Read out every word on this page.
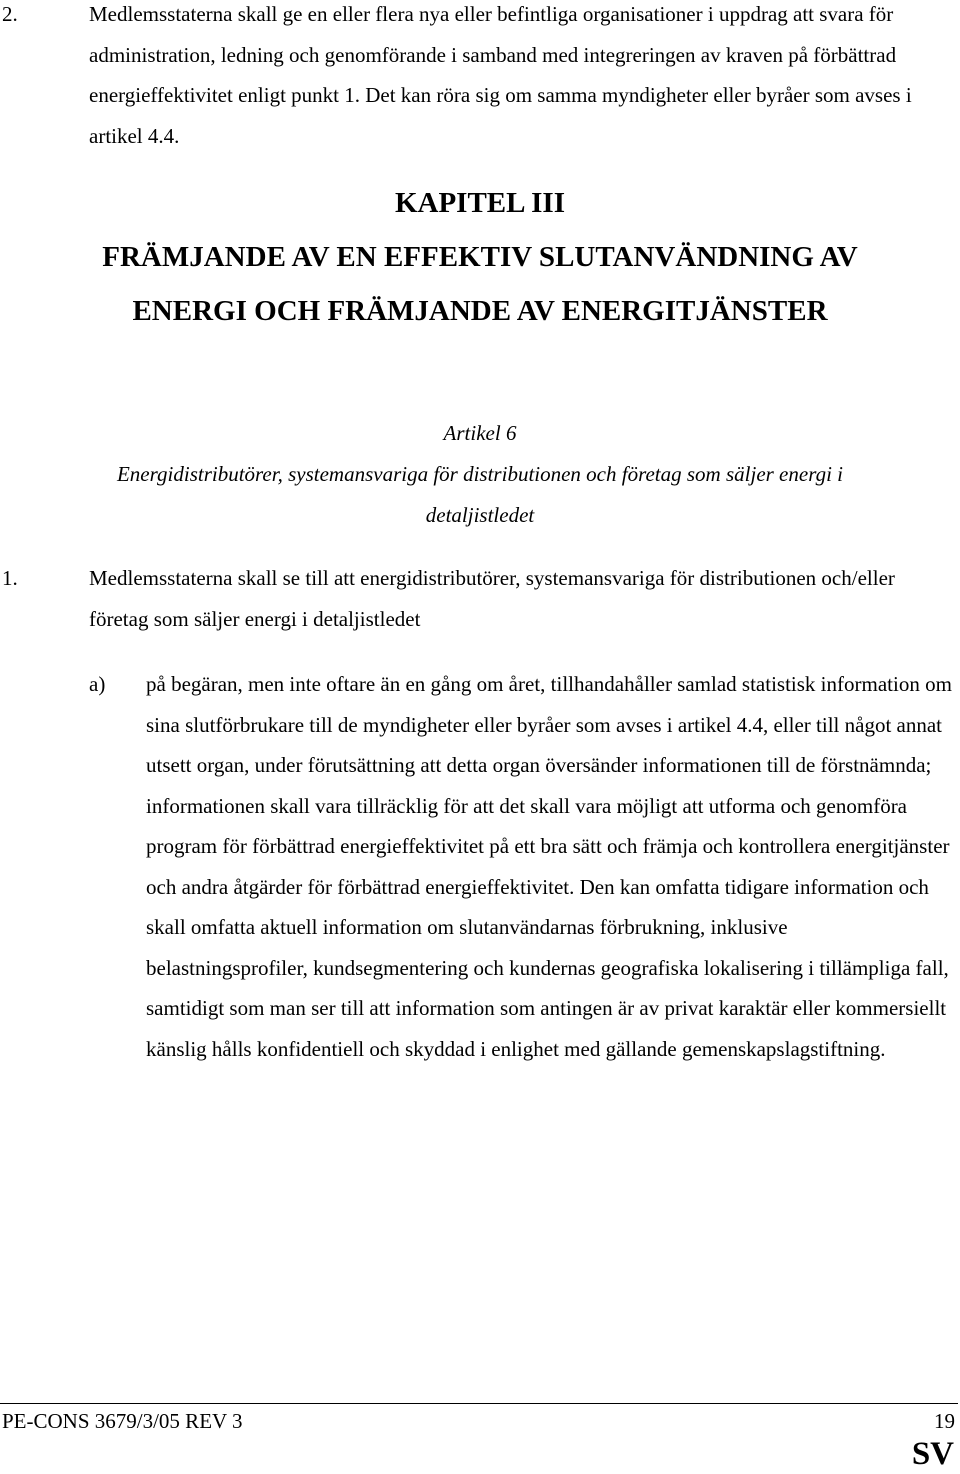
2.	Medlemsstaterna skall ge en eller flera nya eller befintliga organisationer i uppdrag att svara för administration, ledning och genomförande i samband med integreringen av kraven på förbättrad energieffektivitet enligt punkt 1. Det kan röra sig om samma myndigheter eller byråer som avses i artikel 4.4.

KAPITEL III
FRÄMJANDE AV EN EFFEKTIV SLUTANVÄNDNING AV
ENERGI OCH FRÄMJANDE AV ENERGITJÄNSTER
Artikel 6
Energidistributörer, systemansvariga för distributionen och företag som säljer energi i detaljistledet
1.	Medlemsstaterna skall se till att energidistributörer, systemansvariga för distributionen och/eller företag som säljer energi i detaljistledet

a) på begäran, men inte oftare än en gång om året, tillhandahåller samlad statistisk information om sina slutförbrukare till de myndigheter eller byråer som avses i artikel 4.4, eller till något annat utsett organ, under förutsättning att detta organ översänder informationen till de förstnämnda; informationen skall vara tillräcklig för att det skall vara möjligt att utforma och genomföra program för förbättrad energieffektivitet på ett bra sätt och främja och kontrollera energitjänster och andra åtgärder för förbättrad energieffektivitet. Den kan omfatta tidigare information och skall omfatta aktuell information om slutanvändarnas förbrukning, inklusive belastningsprofiler, kundsegmentering och kundernas geografiska lokalisering i tillämpliga fall, samtidigt som man ser till att information som antingen är av privat karaktär eller kommersiellt känslig hålls konfidentiell och skyddad i enlighet med gällande gemenskapslagstiftning.

PE-CONS 3679/3/05 REV 3	19
SV
